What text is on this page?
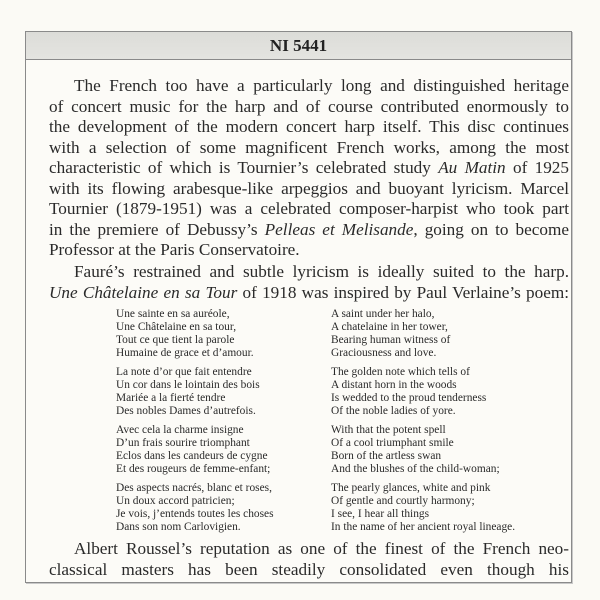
NI 5441
The French too have a particularly long and distinguished heritage
of concert music for the harp and of course contributed enormously to
the development of the modern concert harp itself. This disc continues
with a selection of some magnificent French works, among the most
characteristic of which is Tournier’s celebrated study Au Matin of 1925
with its flowing arabesque-like arpeggios and buoyant lyricism. Marcel
Tournier (1879-1951) was a celebrated composer-harpist who took part
in the premiere of Debussy’s Pelleas et Melisande, going on to become
Professor at the Paris Conservatoire.
Fauré’s restrained and subtle lyricism is ideally suited to the harp.
Une Châtelaine en sa Tour of 1918 was inspired by Paul Verlaine’s poem:
Une sainte en sa auréole,
Une Châtelaine en sa tour,
Tout ce que tient la parole
Humaine de grace et d’amour.
La note d’or que fait entendre
Un cor dans le lointain des bois
Mariée a la fierté tendre
Des nobles Dames d’autrefois.
Avec cela la charme insigne
D’un frais sourire triomphant
Eclos dans les candeurs de cygne
Et des rougeurs de femme-enfant;
Des aspects nacrés, blanc et roses,
Un doux accord patricien;
Je vois, j’entends toutes les choses
Dans son nom Carlovigien.
A saint under her halo,
A chatelaine in her tower,
Bearing human witness of
Graciousness and love.
The golden note which tells of
A distant horn in the woods
Is wedded to the proud tenderness
Of the noble ladies of yore.
With that the potent spell
Of a cool triumphant smile
Born of the artless swan
And the blushes of the child-woman;
The pearly glances, white and pink
Of gentle and courtly harmony;
I see, I hear all things
In the name of her ancient royal lineage.
Albert Roussel’s reputation as one of the finest of the French neo-
classical masters has been steadily consolidated even though his
